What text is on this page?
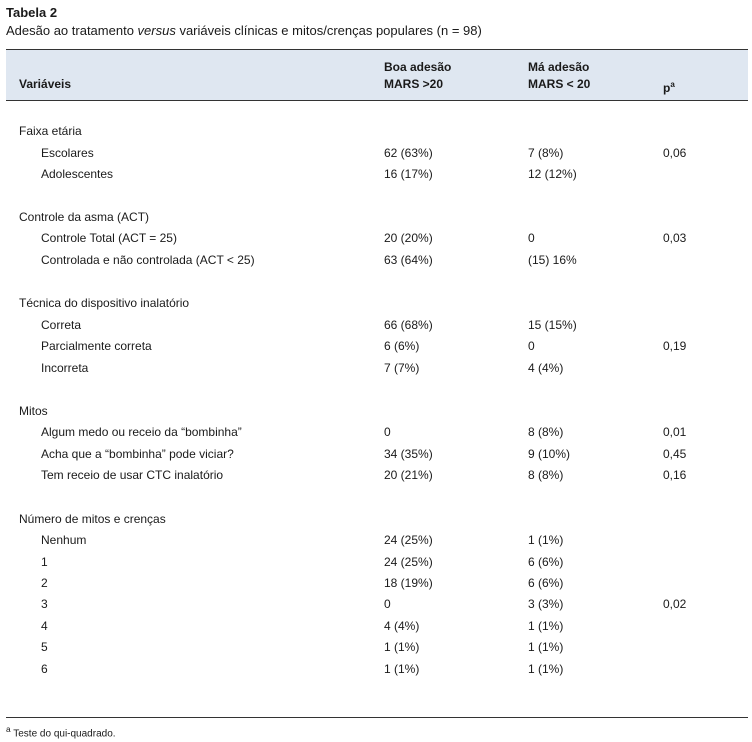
Tabela 2
Adesão ao tratamento versus variáveis clínicas e mitos/crenças populares (n = 98)
Variáveis
Boa adesão
MARS >20
Má adesão
MARS < 20	$p^a$
Faixa etária
Escolares	62 (63%)	7 (8%)	0,06
Adolescentes	16 (17%)	12 (12%)
Controle da asma (ACT)
Controle Total (ACT = 25)	20 (20%)	0	0,03
Controlada e não controlada (ACT < 25)	63 (64%)	(15) 16%
Técnica do dispositivo inalatório
Correta	66 (68%)	15 (15%)
Parcialmente correta	6 (6%)	0	0,19
Incorreta	7 (7%)	4 (4%)
Mitos
Algum medo ou receio da “bombinha”	0	8 (8%)	0,01
Acha que a “bombinha” pode viciar?	34 (35%)	9 (10%)	0,45
Tem receio de usar CTC inalatório	20 (21%)	8 (8%)	0,16
Número de mitos e crenças
Nenhum	24 (25%)	1 (1%)
1	24 (25%)	6 (6%)
2	18 (19%)	6 (6%)
3	0	3 (3%)	0,02
4	4 (4%)	1 (1%)
5	1 (1%)	1 (1%)
6	1 (1%)	1 (1%)
$^a$ Teste do qui-quadrado.
